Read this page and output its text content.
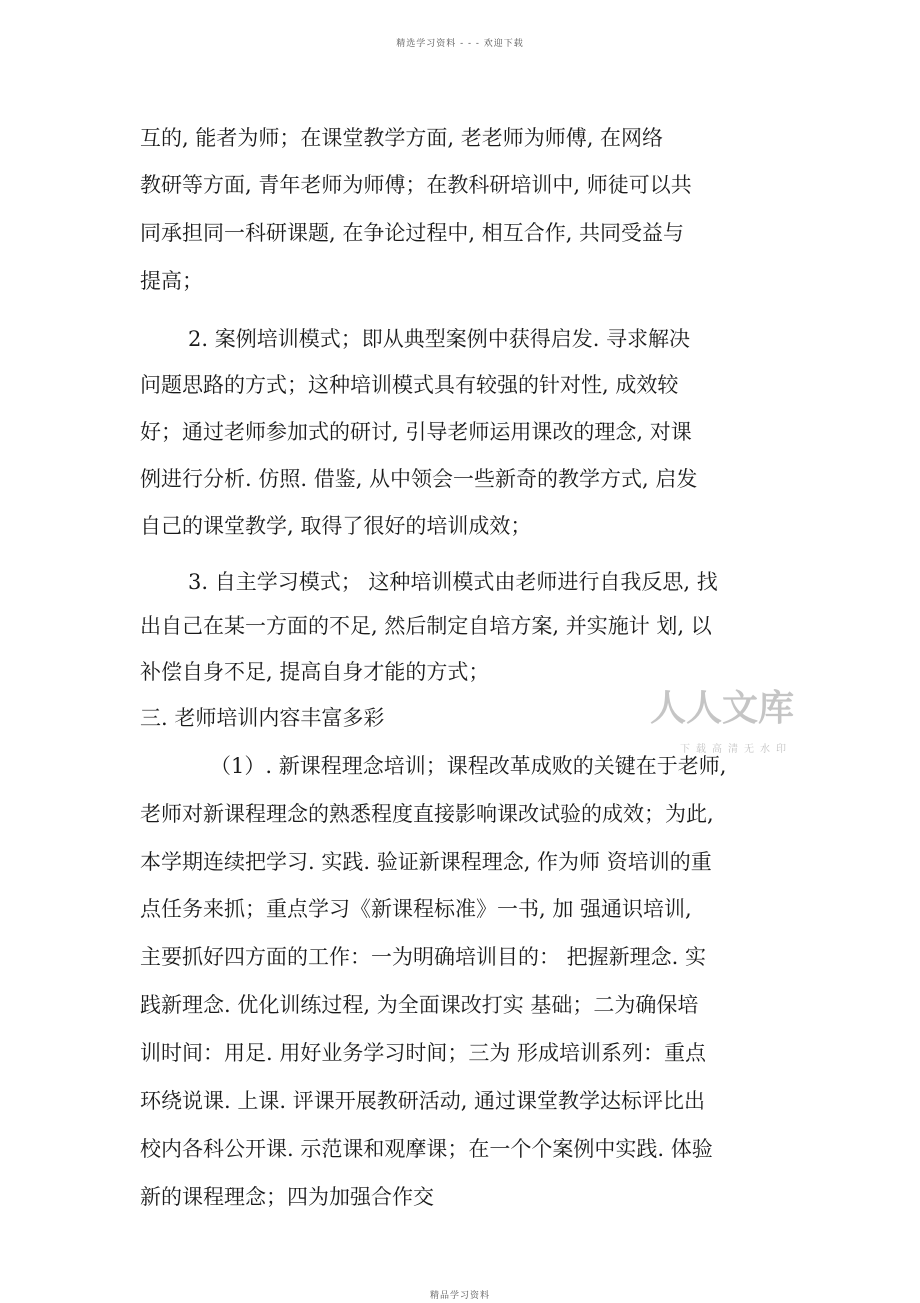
精选学习资料 - - - 欢迎下载
互的, 能者为师；在课堂教学方面, 老老师为师傅, 在网络
教研等方面, 青年老师为师傅；在教科研培训中, 师徒可以共
同承担同一科研课题, 在争论过程中, 相互合作, 共同受益与
提高；
2. 案例培训模式；即从典型案例中获得启发. 寻求解决
问题思路的方式；这种培训模式具有较强的针对性, 成效较
好；通过老师参加式的研讨, 引导老师运用课改的理念, 对课
例进行分析. 仿照. 借鉴, 从中领会一些新奇的教学方式, 启发
自己的课堂教学, 取得了很好的培训成效；
3. 自主学习模式； 这种培训模式由老师进行自我反思, 找
出自己在某一方面的不足, 然后制定自培方案, 并实施计 划, 以
补偿自身不足, 提高自身才能的方式；
三. 老师培训内容丰富多彩
（1）. 新课程理念培训；课程改革成败的关键在于老师,
老师对新课程理念的熟悉程度直接影响课改试验的成效；为此,
本学期连续把学习. 实践. 验证新课程理念, 作为师 资培训的重
点任务来抓；重点学习《新课程标准》一书, 加 强通识培训,
主要抓好四方面的工作：一为明确培训目的： 把握新理念. 实
践新理念. 优化训练过程, 为全面课改打实 基础；二为确保培
训时间：用足. 用好业务学习时间；三为 形成培训系列：重点
环绕说课. 上课. 评课开展教研活动, 通过课堂教学达标评比出
校内各科公开课. 示范课和观摩课；在一个个案例中实践. 体验
新的课程理念；四为加强合作交
人人文库
下载高清无水印
精品学习资料
